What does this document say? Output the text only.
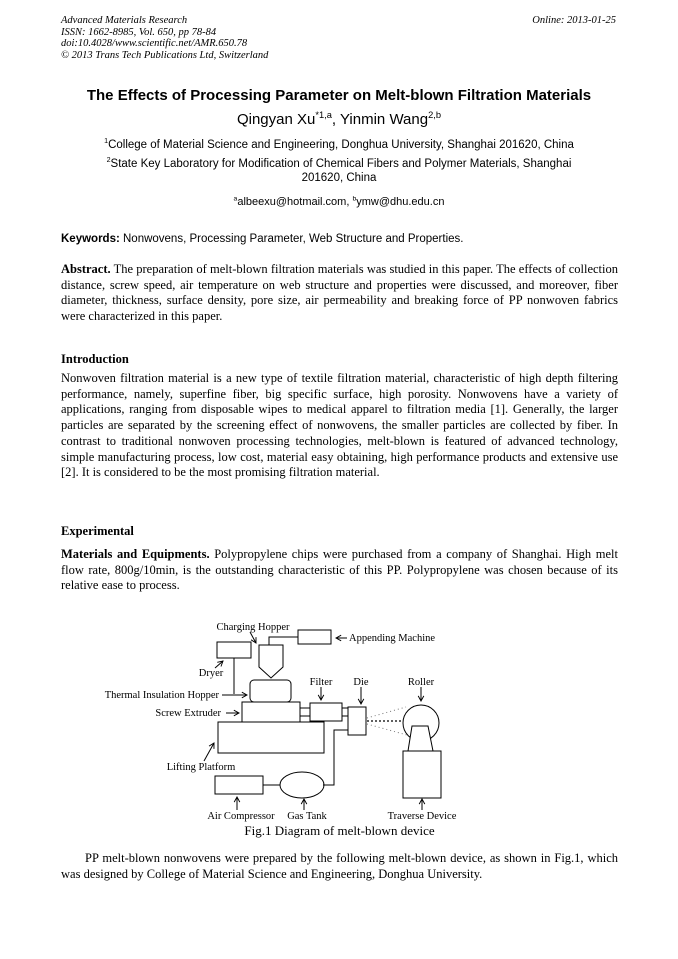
Advanced Materials Research
ISSN: 1662-8985, Vol. 650, pp 78-84
doi:10.4028/www.scientific.net/AMR.650.78
© 2013 Trans Tech Publications Ltd, Switzerland
Online: 2013-01-25
The Effects of Processing Parameter on Melt-blown Filtration Materials
Qingyan Xu$^{*1,a}$, Yinmin Wang$^{2,b}$
$^1$College of Material Science and Engineering, Donghua University, Shanghai 201620, China
$^2$State Key Laboratory for Modification of Chemical Fibers and Polymer Materials, Shanghai
201620, China
$^a$albeexu@hotmail.com, $^b$ymw@dhu.edu.cn
Keywords: Nonwovens, Processing Parameter, Web Structure and Properties.
Abstract. The preparation of melt-blown filtration materials was studied in this paper. The effects of collection distance, screw speed, air temperature on web structure and properties were discussed, and moreover, fiber diameter, thickness, surface density, pore size, air permeability and breaking force of PP nonwoven fabrics were characterized in this paper.
Introduction
Nonwoven filtration material is a new type of textile filtration material, characteristic of high depth filtering performance, namely, superfine fiber, big specific surface, high porosity. Nonwovens have a variety of applications, ranging from disposable wipes to medical apparel to filtration media [1]. Generally, the larger particles are separated by the screening effect of nonwovens, the smaller particles are collected by fiber. In contrast to traditional nonwoven processing technologies, melt-blown is featured of advanced technology, simple manufacturing process, low cost, material easy obtaining, high performance products and extensive use [2]. It is considered to be the most promising filtration material.
Experimental
Materials and Equipments. Polypropylene chips were purchased from a company of Shanghai. High melt flow rate, 800g/10min, is the outstanding characteristic of this PP. Polypropylene was chosen because of its relative ease to process.
Charging Hopper
Appending Machine
Dryer
Thermal Insulation Hopper
Screw Extruder
Filter Die	Roller
Lifting Platform
Air Compressor Gas Tank	Traverse Device
Fig.1 Diagram of melt-blown device
PP melt-blown nonwovens were prepared by the following melt-blown device, as shown in Fig.1, which was designed by College of Material Science and Engineering, Donghua University.
